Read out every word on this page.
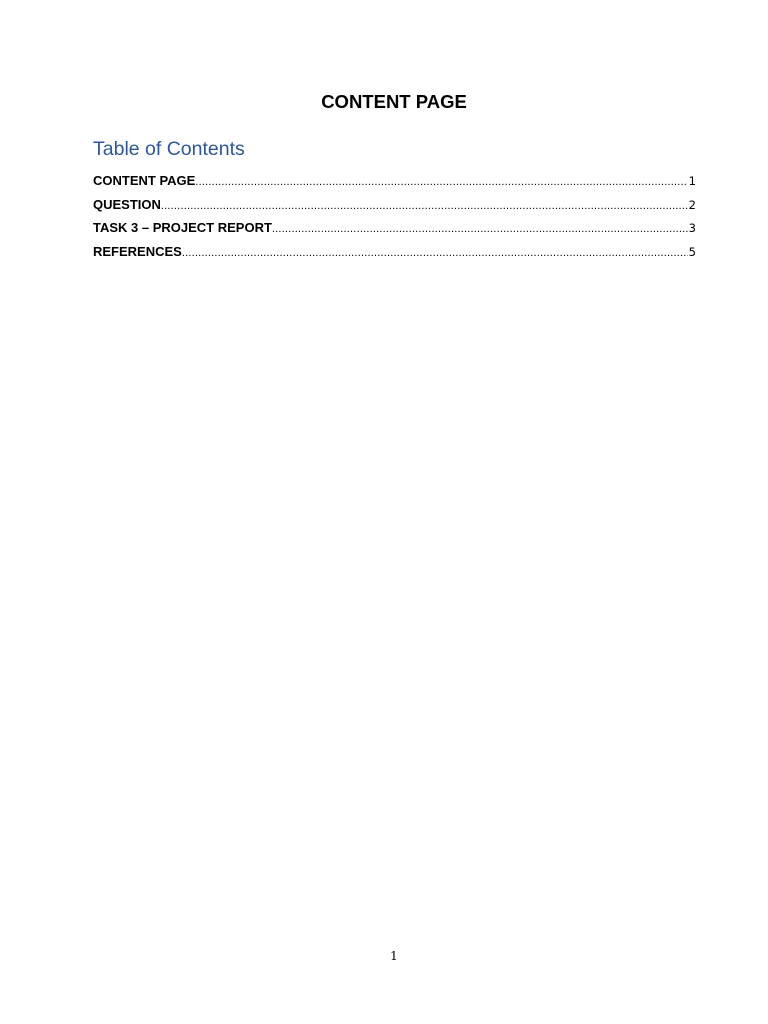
CONTENT PAGE
Table of Contents
CONTENT PAGE .....	1
QUESTION .....	2
TASK 3 – PROJECT REPORT .....	3
REFERENCES .....	5
1
